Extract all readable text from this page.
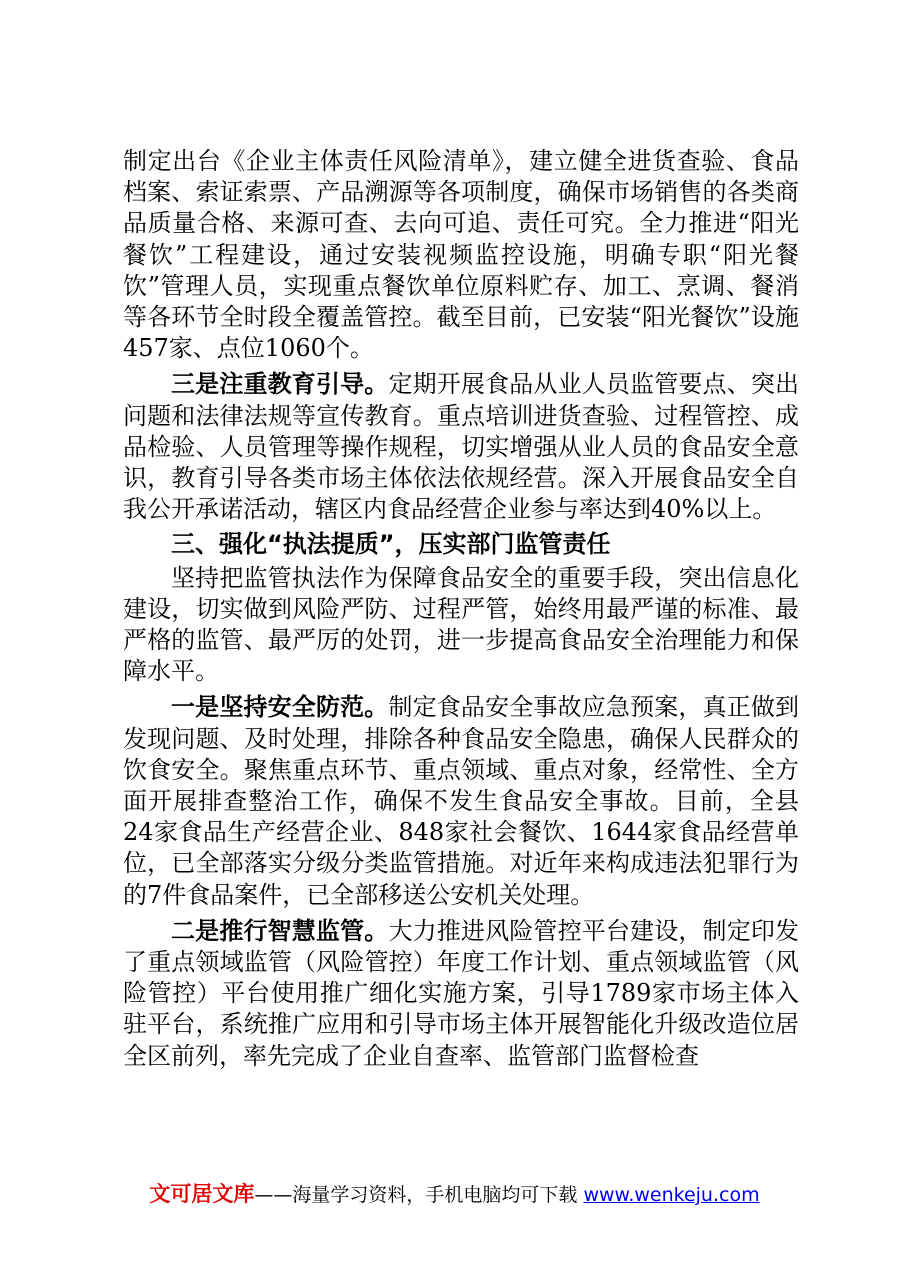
制定出台《企业主体责任风险清单》，建立健全进货查验、食品档案、索证索票、产品溯源等各项制度，确保市场销售的各类商品质量合格、来源可查、去向可追、责任可究。全力推进“阳光餐饮”工程建设，通过安装视频监控设施，明确专职“阳光餐饮”管理人员，实现重点餐饮单位原料贮存、加工、烹调、餐消等各环节全时段全覆盖管控。截至目前，已安装“阳光餐饮”设施457家、点位1060个。

三是注重教育引导。定期开展食品从业人员监管要点、突出问题和法律法规等宣传教育。重点培训进货查验、过程管控、成品检验、人员管理等操作规程，切实增强从业人员的食品安全意识，教育引导各类市场主体依法依规经营。深入开展食品安全自我公开承诺活动，辖区内食品经营企业参与率达到40%以上。

三、强化“执法提质”，压实部门监管责任

坚持把监管执法作为保障食品安全的重要手段，突出信息化建设，切实做到风险严防、过程严管，始终用最严谨的标准、最严格的监管、最严厉的处罚，进一步提高食品安全治理能力和保障水平。

一是坚持安全防范。制定食品安全事故应急预案，真正做到发现问题、及时处理，排除各种食品安全隐患，确保人民群众的饮食安全。聚焦重点环节、重点领域、重点对象，经常性、全方面开展排查整治工作，确保不发生食品安全事故。目前，全县24家食品生产经营企业、848家社会餐饮、1644家食品经营单位，已全部落实分级分类监管措施。对近年来构成违法犯罪行为的7件食品案件，已全部移送公安机关处理。

二是推行智慧监管。大力推进风险管控平台建设，制定印发了重点领域监管（风险管控）年度工作计划、重点领域监管（风险管控）平台使用推广细化实施方案，引导1789家市场主体入驻平台，系统推广应用和引导市场主体开展智能化升级改造位居全区前列，率先完成了企业自查率、监管部门监督检查

文可居文库——海量学习资料，手机电脑均可下载 www.wenkeju.com
